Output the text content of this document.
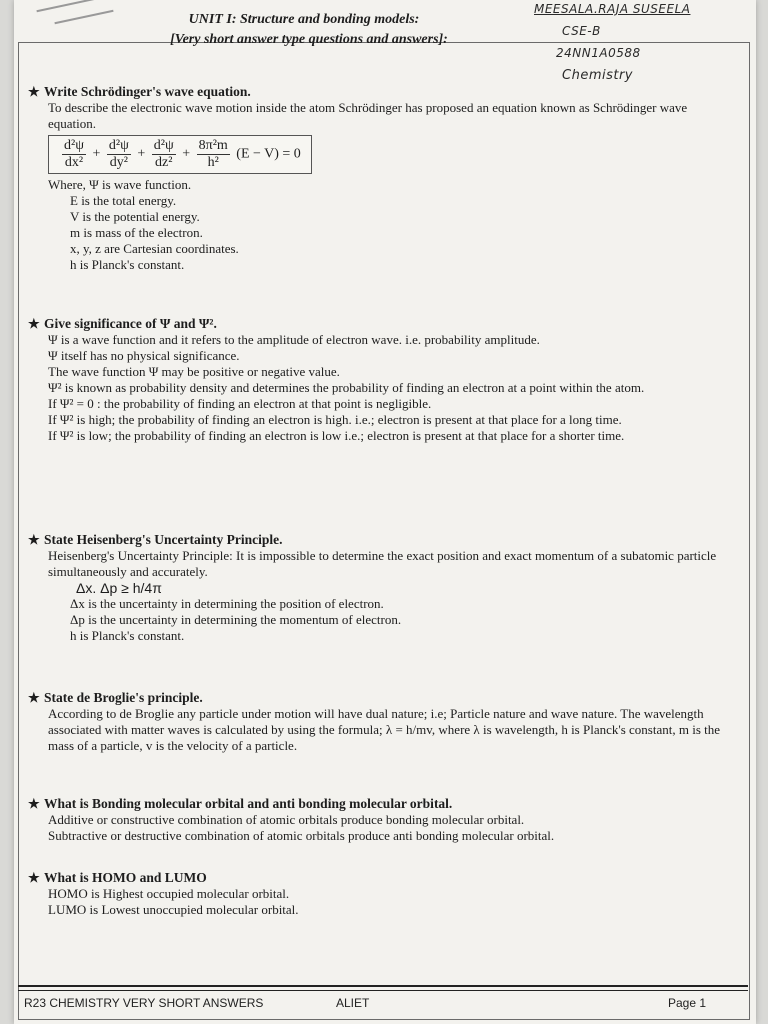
MEESALA.RAJA SUSEELA
CSE-B
24NN1A0588
Chemistry
UNIT I: Structure and bonding models:
[Very short answer type questions and answers]:
★ Write Schrödinger's wave equation.

To describe the electronic wave motion inside the atom Schrödinger has proposed an equation known as Schrödinger wave equation.

$\frac{\text{d²ψ}}{\text{dx²}} + \frac{\text{d²ψ}}{\text{dy²}} + \frac{\text{d²ψ}}{\text{dz²}} + \frac{\text{8π²m}}{\text{h²}} (E - V) = 0$

Where, Ψ is wave function.

E is the total energy.

V is the potential energy.

m is mass of the electron.

x, y, z are Cartesian coordinates.

h is Planck's constant.

★ Give significance of Ψ and Ψ².

Ψ is a wave function and it refers to the amplitude of electron wave. i.e. probability amplitude.

Ψ itself has no physical significance.

The wave function Ψ may be positive or negative value.

Ψ² is known as probability density and determines the probability of finding an electron at a point within the atom.

If Ψ² = 0 : the probability of finding an electron at that point is negligible.

If Ψ² is high; the probability of finding an electron is high. i.e.; electron is present at that place for a long time.

If Ψ² is low; the probability of finding an electron is low i.e.; electron is present at that place for a shorter time.

★ State Heisenberg's Uncertainty Principle.

Heisenberg's Uncertainty Principle: It is impossible to determine the exact position and exact momentum of a subatomic particle simultaneously and accurately.

Δx. Δp ≥ h/4π

Δx is the uncertainty in determining the position of electron.

Δp is the uncertainty in determining the momentum of electron.

h is Planck's constant.

★ State de Broglie's principle.

According to de Broglie any particle under motion will have dual nature; i.e; Particle nature and wave nature. The wavelength associated with matter waves is calculated by using the formula; λ = h/mv, where λ is wavelength, h is Planck's constant, m is the mass of a particle, v is the velocity of a particle.

★ What is Bonding molecular orbital and anti bonding molecular orbital.

Additive or constructive combination of atomic orbitals produce bonding molecular orbital.

Subtractive or destructive combination of atomic orbitals produce anti bonding molecular orbital.

★ What is HOMO and LUMO

HOMO is Highest occupied molecular orbital.

LUMO is Lowest unoccupied molecular orbital.

R23 CHEMISTRY VERY SHORT ANSWERS	ALIET	Page 1
